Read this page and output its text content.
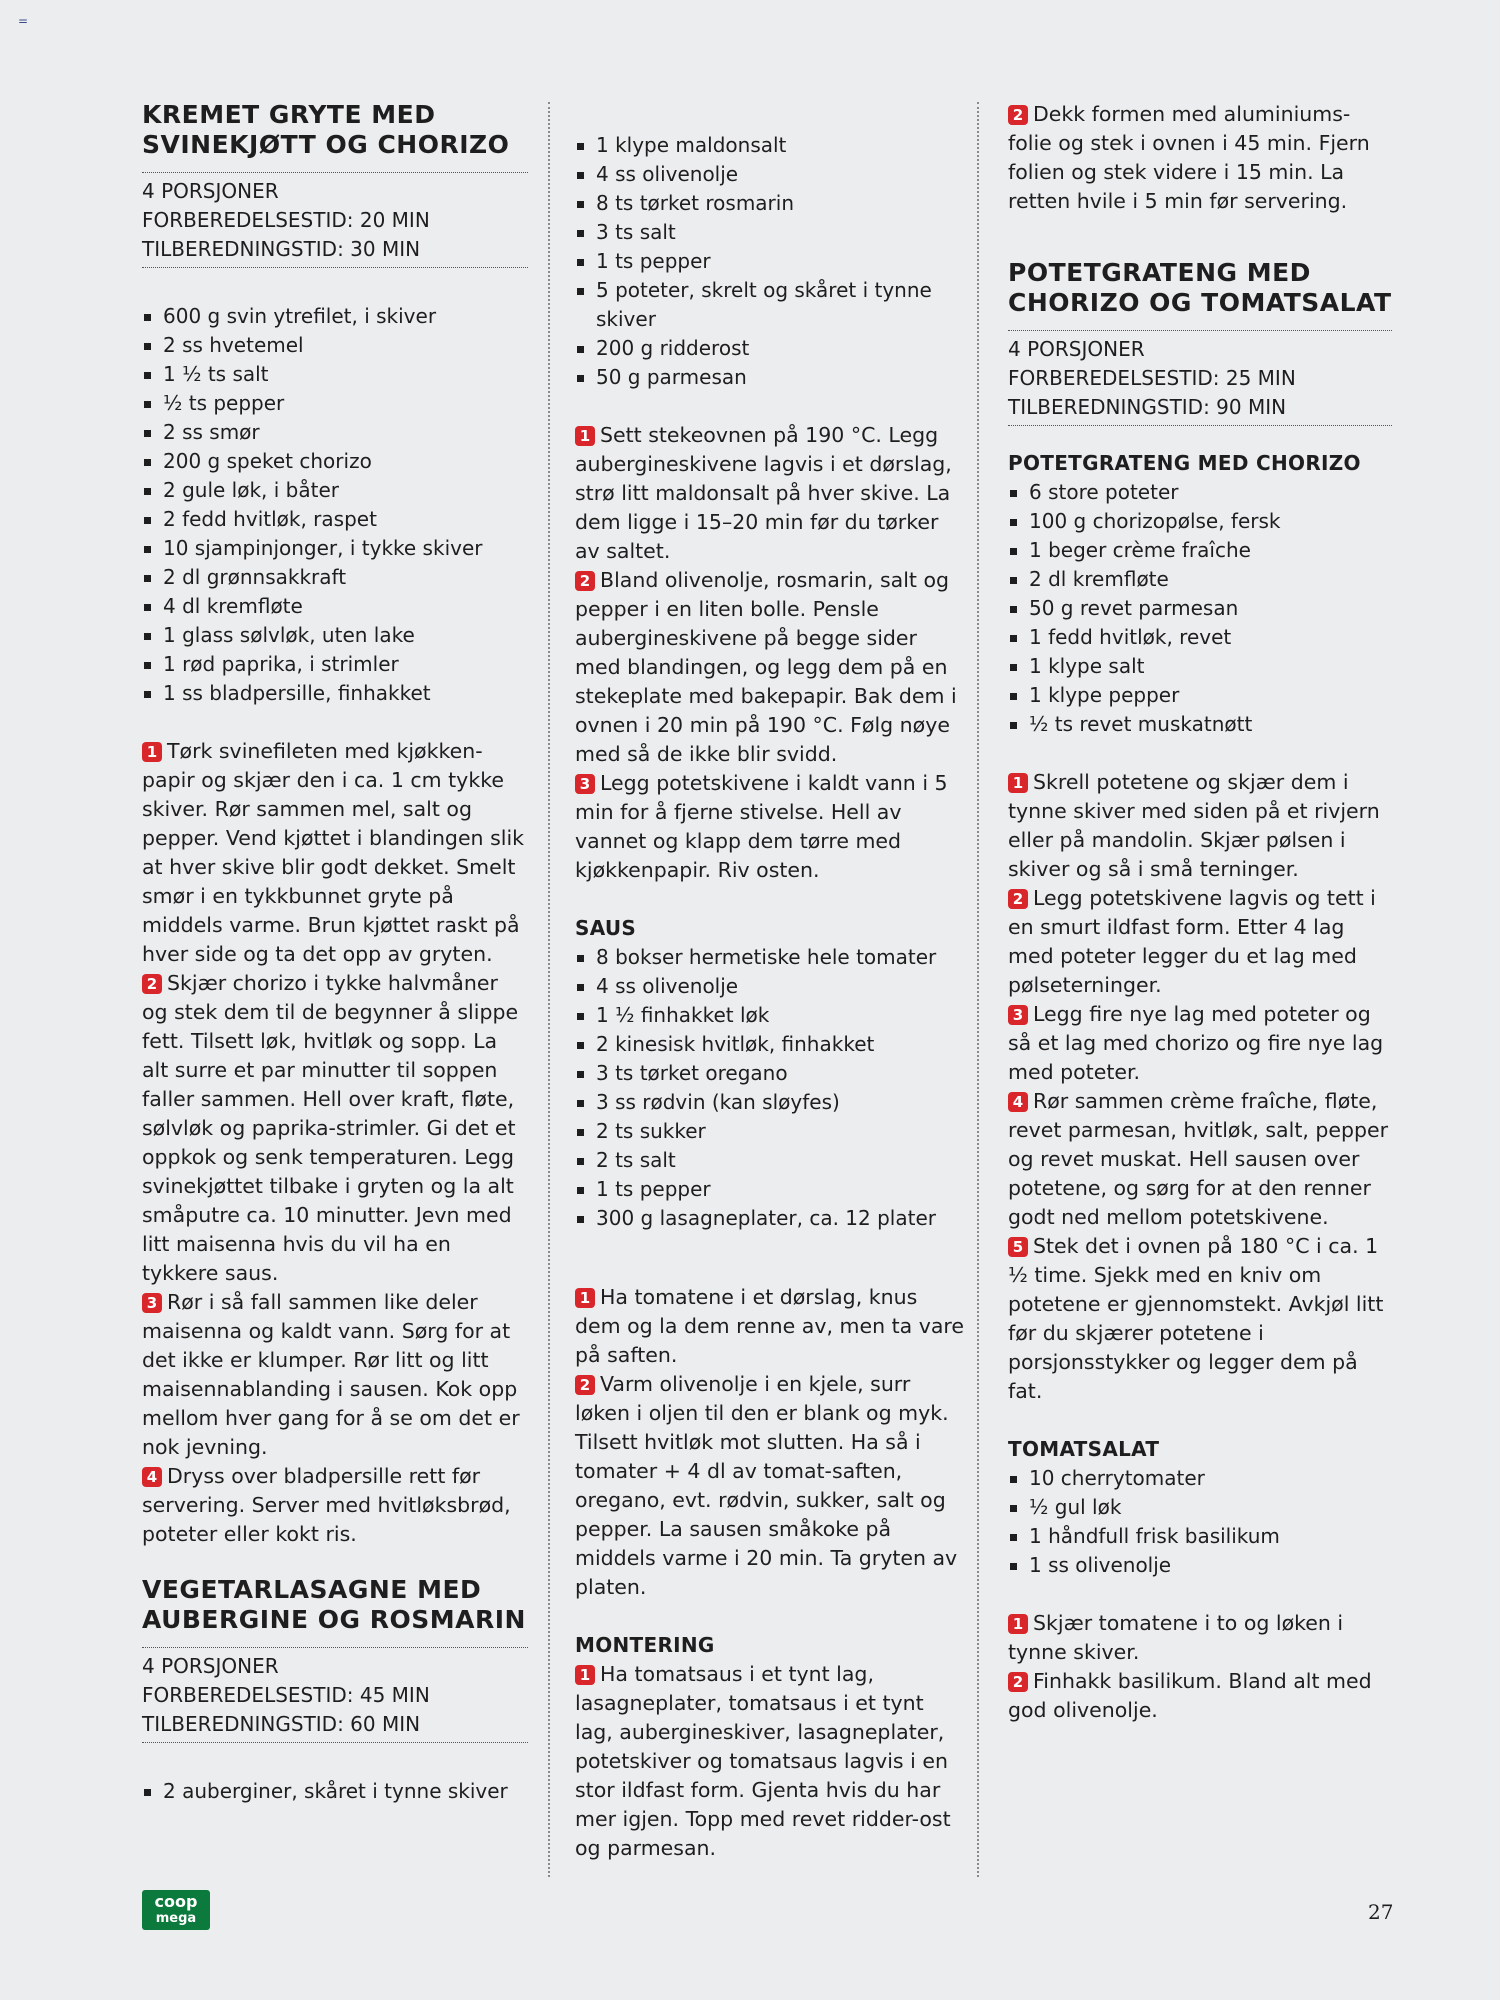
=
KREMET GRYTE MED SVINEKJØTT OG CHORIZO
4 PORSJONER
FORBEREDELSESTID: 20 MIN
TILBEREDNINGSTID: 30 MIN
600 g svin ytrefilet, i skiver
2 ss hvetemel
1 ½ ts salt
½ ts pepper
2 ss smør
200 g speket chorizo
2 gule løk, i båter
2 fedd hvitløk, raspet
10 sjampinjonger, i tykke skiver
2 dl grønnsakkraft
4 dl kremfløte
1 glass sølvløk, uten lake
1 rød paprika, i strimler
1 ss bladpersille, finhakket
1 Tørk svinefileten med kjøkken-papir og skjær den i ca. 1 cm tykke skiver. Rør sammen mel, salt og pepper. Vend kjøttet i blandingen slik at hver skive blir godt dekket. Smelt smør i en tykkbunnet gryte på middels varme. Brun kjøttet raskt på hver side og ta det opp av gryten.
2 Skjær chorizo i tykke halvmåner og stek dem til de begynner å slippe fett. Tilsett løk, hvitløk og sopp. La alt surre et par minutter til soppen faller sammen. Hell over kraft, fløte, sølvløk og paprika-strimler. Gi det et oppkok og senk temperaturen. Legg svinekjøttet tilbake i gryten og la alt småputre ca. 10 minutter. Jevn med litt maisenna hvis du vil ha en tykkere saus.
3 Rør i så fall sammen like deler maisenna og kaldt vann. Sørg for at det ikke er klumper. Rør litt og litt maisennablanding i sausen. Kok opp mellom hver gang for å se om det er nok jevning.
4 Dryss over bladpersille rett før servering. Server med hvitløksbrød, poteter eller kokt ris.
VEGETARLASAGNE MED AUBERGINE OG ROSMARIN
4 PORSJONER
FORBEREDELSESTID: 45 MIN
TILBEREDNINGSTID: 60 MIN
2 auberginer, skåret i tynne skiver
1 klype maldonsalt
4 ss olivenolje
8 ts tørket rosmarin
3 ts salt
1 ts pepper
5 poteter, skrelt og skåret i tynne skiver
200 g ridderost
50 g parmesan
1 Sett stekeovnen på 190 °C. Legg aubergineskivene lagvis i et dørslag, strø litt maldonsalt på hver skive. La dem ligge i 15–20 min før du tørker av saltet.
2 Bland olivenolje, rosmarin, salt og pepper i en liten bolle. Pensle aubergineskivene på begge sider med blandingen, og legg dem på en stekeplate med bakepapir. Bak dem i ovnen i 20 min på 190 °C. Følg nøye med så de ikke blir svidd.
3 Legg potetskivene i kaldt vann i 5 min for å fjerne stivelse. Hell av vannet og klapp dem tørre med kjøkkenpapir. Riv osten.
SAUS
8 bokser hermetiske hele tomater
4 ss olivenolje
1 ½ finhakket løk
2 kinesisk hvitløk, finhakket
3 ts tørket oregano
3 ss rødvin (kan sløyfes)
2 ts sukker
2 ts salt
1 ts pepper
300 g lasagneplater, ca. 12 plater
1 Ha tomatene i et dørslag, knus dem og la dem renne av, men ta vare på saften.
2 Varm olivenolje i en kjele, surr løken i oljen til den er blank og myk. Tilsett hvitløk mot slutten. Ha så i tomater + 4 dl av tomat-saften, oregano, evt. rødvin, sukker, salt og pepper. La sausen småkoke på middels varme i 20 min. Ta gryten av platen.
MONTERING
1 Ha tomatsaus i et tynt lag, lasagneplater, tomatsaus i et tynt lag, aubergineskiver, lasagneplater, potetskiver og tomatsaus lagvis i en stor ildfast form. Gjenta hvis du har mer igjen. Topp med revet ridder-ost og parmesan.
2 Dekk formen med aluminiums-folie og stek i ovnen i 45 min. Fjern folien og stek videre i 15 min. La retten hvile i 5 min før servering.
POTETGRATENG MED CHORIZO OG TOMATSALAT
4 PORSJONER
FORBEREDELSESTID: 25 MIN
TILBEREDNINGSTID: 90 MIN
POTETGRATENG MED CHORIZO
6 store poteter
100 g chorizopølse, fersk
1 beger crème fraîche
2 dl kremfløte
50 g revet parmesan
1 fedd hvitløk, revet
1 klype salt
1 klype pepper
½ ts revet muskatnøtt
1 Skrell potetene og skjær dem i tynne skiver med siden på et rivjern eller på mandolin. Skjær pølsen i skiver og så i små terninger.
2 Legg potetskivene lagvis og tett i en smurt ildfast form. Etter 4 lag med poteter legger du et lag med pølseterninger.
3 Legg fire nye lag med poteter og så et lag med chorizo og fire nye lag med poteter.
4 Rør sammen crème fraîche, fløte, revet parmesan, hvitløk, salt, pepper og revet muskat. Hell sausen over potetene, og sørg for at den renner godt ned mellom potetskivene.
5 Stek det i ovnen på 180 °C i ca. 1 ½ time. Sjekk med en kniv om potetene er gjennomstekt. Avkjøl litt før du skjærer potetene i porsjonsstykker og legger dem på fat.
TOMATSALAT
10 cherrytomater
½ gul løk
1 håndfull frisk basilikum
1 ss olivenolje
1 Skjær tomatene i to og løken i tynne skiver.
2 Finhakk basilikum. Bland alt med god olivenolje.
coop
mega	27
